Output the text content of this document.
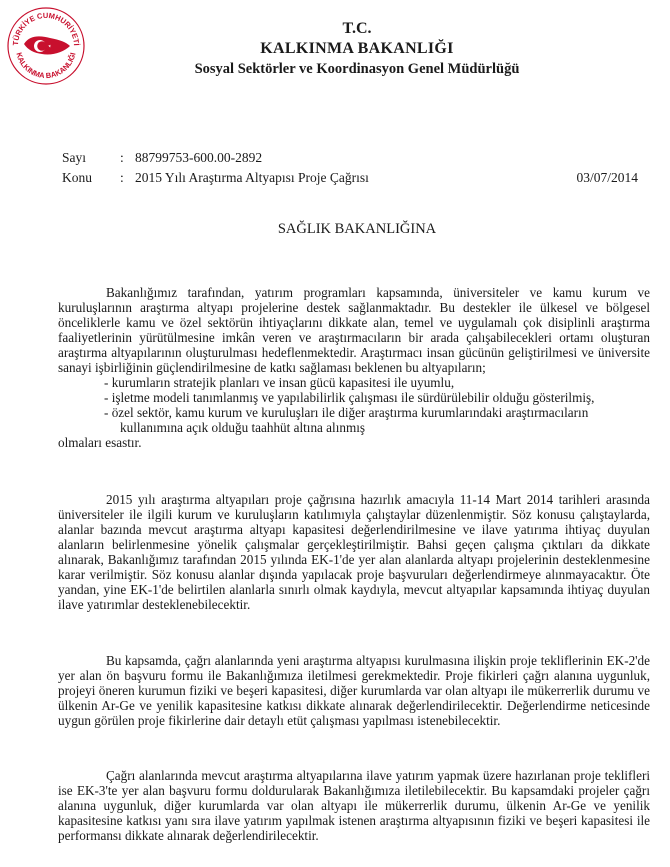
TÜRKİYE CUMHURİYETİ
KALKINMA BAKANLIĞI
T.C.
KALKINMA BAKANLIĞI
Sosyal Sektörler ve Koordinasyon Genel Müdürlüğü
Sayı	: 88799753-600.00-2892
Konu : 2015 Yılı Araştırma Altyapısı Proje Çağrısı	03/07/2014
SAĞLIK BAKANLIĞINA

Bakanlığımız tarafından, yatırım programları kapsamında, üniversiteler ve kamu kurum ve kuruluşlarının araştırma altyapı projelerine destek sağlanmaktadır. Bu destekler ile ülkesel ve bölgesel önceliklerle kamu ve özel sektörün ihtiyaçlarını dikkate alan, temel ve uygulamalı çok disiplinli araştırma faaliyetlerinin yürütülmesine imkân veren ve araştırmacıların bir arada çalışabilecekleri ortamı oluşturan araştırma altyapılarının oluşturulması hedeflenmektedir. Araştırmacı insan gücünün geliştirilmesi ve üniversite sanayi işbirliğinin güçlendirilmesine de katkı sağlaması beklenen bu altyapıların;

- kurumların stratejik planları ve insan gücü kapasitesi ile uyumlu,

- işletme modeli tanımlanmış ve yapılabilirlik çalışması ile sürdürülebilir olduğu gösterilmiş,

- özel sektör, kamu kurum ve kuruluşları ile diğer araştırma kurumlarındaki araştırmacıların

kullanımına açık olduğu taahhüt altına alınmış

olmaları esastır.

2015 yılı araştırma altyapıları proje çağrısına hazırlık amacıyla 11-14 Mart 2014 tarihleri arasında üniversiteler ile ilgili kurum ve kuruluşların katılımıyla çalıştaylar düzenlenmiştir. Söz konusu çalıştaylarda, alanlar bazında mevcut araştırma altyapı kapasitesi değerlendirilmesine ve ilave yatırıma ihtiyaç duyulan alanların belirlenmesine yönelik çalışmalar gerçekleştirilmiştir. Bahsi geçen çalışma çıktıları da dikkate alınarak, Bakanlığımız tarafından 2015 yılında EK-1'de yer alan alanlarda altyapı projelerinin desteklenmesine karar verilmiştir. Söz konusu alanlar dışında yapılacak proje başvuruları değerlendirmeye alınmayacaktır. Öte yandan, yine EK-1'de belirtilen alanlarla sınırlı olmak kaydıyla, mevcut altyapılar kapsamında ihtiyaç duyulan ilave yatırımlar desteklenebilecektir.

Bu kapsamda, çağrı alanlarında yeni araştırma altyapısı kurulmasına ilişkin proje tekliflerinin EK-2'de yer alan ön başvuru formu ile Bakanlığımıza iletilmesi gerekmektedir. Proje fikirleri çağrı alanına uygunluk, projeyi öneren kurumun fiziki ve beşeri kapasitesi, diğer kurumlarda var olan altyapı ile mükerrerlik durumu ve ülkenin Ar-Ge ve yenilik kapasitesine katkısı dikkate alınarak değerlendirilecektir. Değerlendirme neticesinde uygun görülen proje fikirlerine dair detaylı etüt çalışması yapılması istenebilecektir.

Çağrı alanlarında mevcut araştırma altyapılarına ilave yatırım yapmak üzere hazırlanan proje teklifleri ise EK-3'te yer alan başvuru formu doldurularak Bakanlığımıza iletilebilecektir. Bu kapsamdaki projeler çağrı alanına uygunluk, diğer kurumlarda var olan altyapı ile mükerrerlik durumu, ülkenin Ar-Ge ve yenilik kapasitesine katkısı yanı sıra ilave yatırım yapılmak istenen araştırma altyapısının fiziki ve beşeri kapasitesi ile performansı dikkate alınarak değerlendirilecektir.
